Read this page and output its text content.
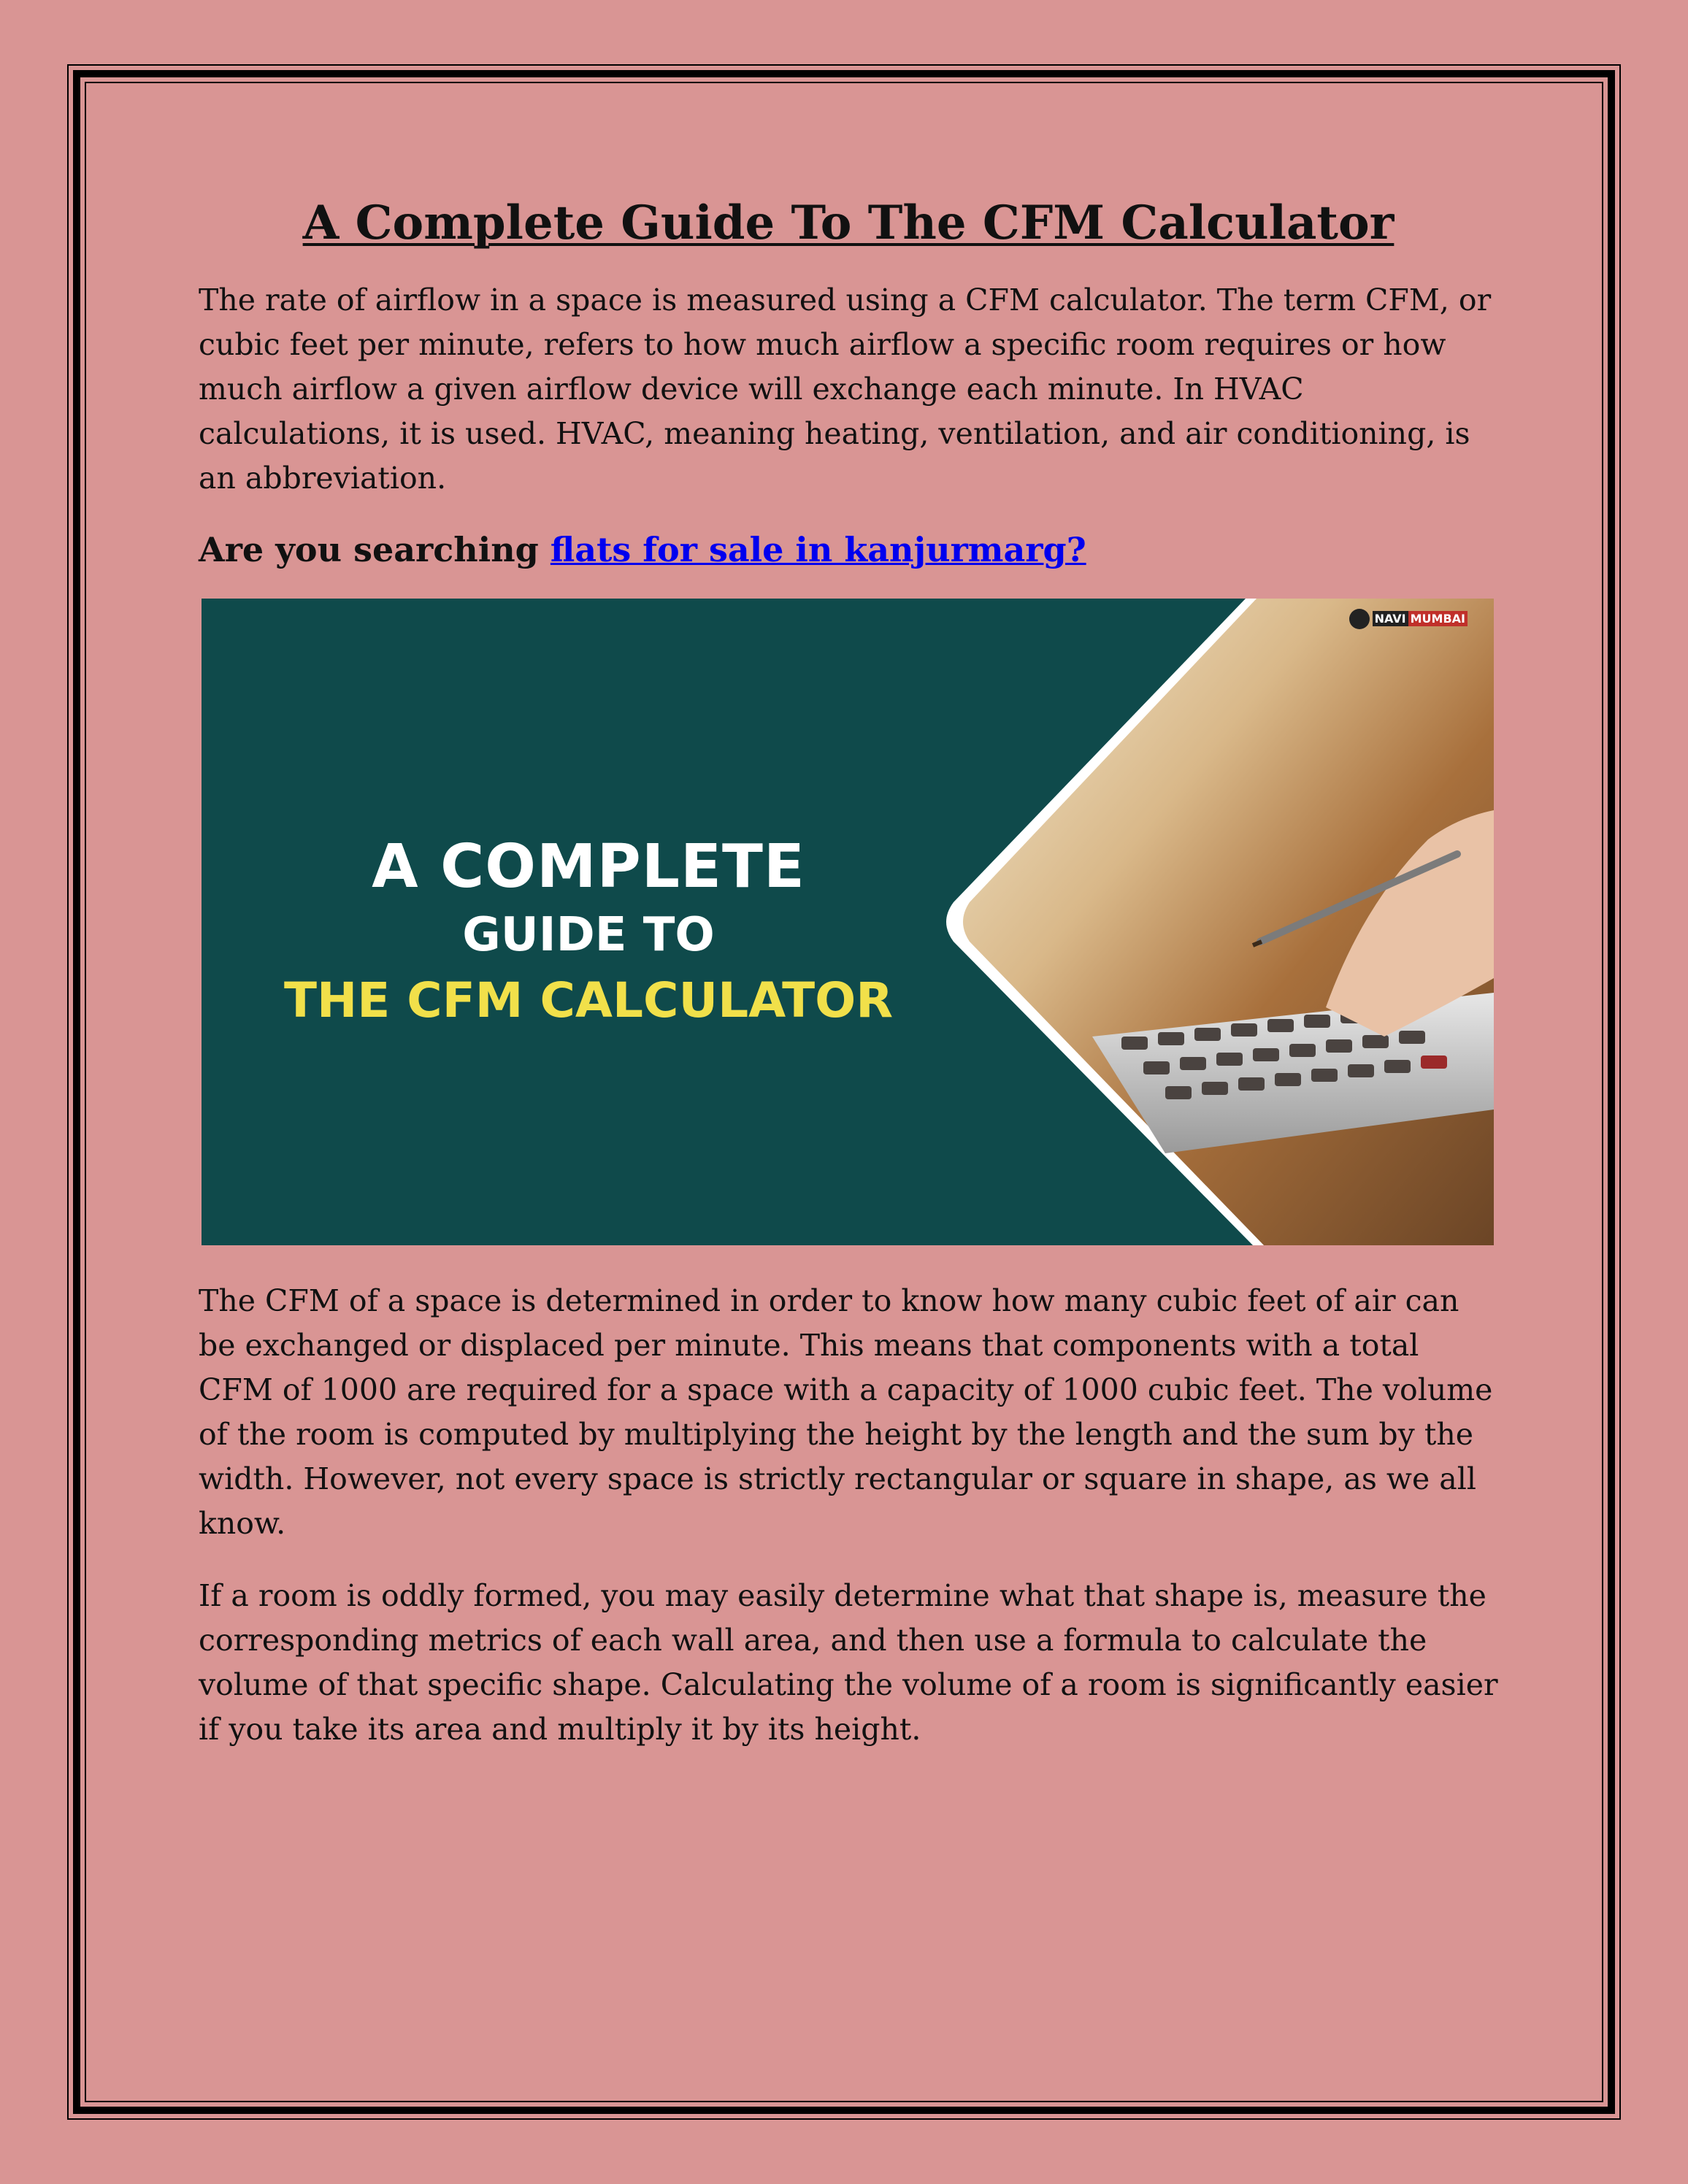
A Complete Guide To The CFM Calculator

The rate of airflow in a space is measured using a CFM calculator. The term CFM, or cubic feet per minute, refers to how much airflow a specific room requires or how much airflow a given airflow device will exchange each minute. In HVAC calculations, it is used. HVAC, meaning heating, ventilation, and air conditioning, is an abbreviation.

Are you searching flats for sale in kanjurmarg?

A COMPLETE
GUIDE TO
THE CFM CALCULATOR
NAVI MUMBAI

The CFM of a space is determined in order to know how many cubic feet of air can be exchanged or displaced per minute. This means that components with a total CFM of 1000 are required for a space with a capacity of 1000 cubic feet. The volume of the room is computed by multiplying the height by the length and the sum by the width. However, not every space is strictly rectangular or square in shape, as we all know.

If a room is oddly formed, you may easily determine what that shape is, measure the corresponding metrics of each wall area, and then use a formula to calculate the volume of that specific shape. Calculating the volume of a room is significantly easier if you take its area and multiply it by its height.
